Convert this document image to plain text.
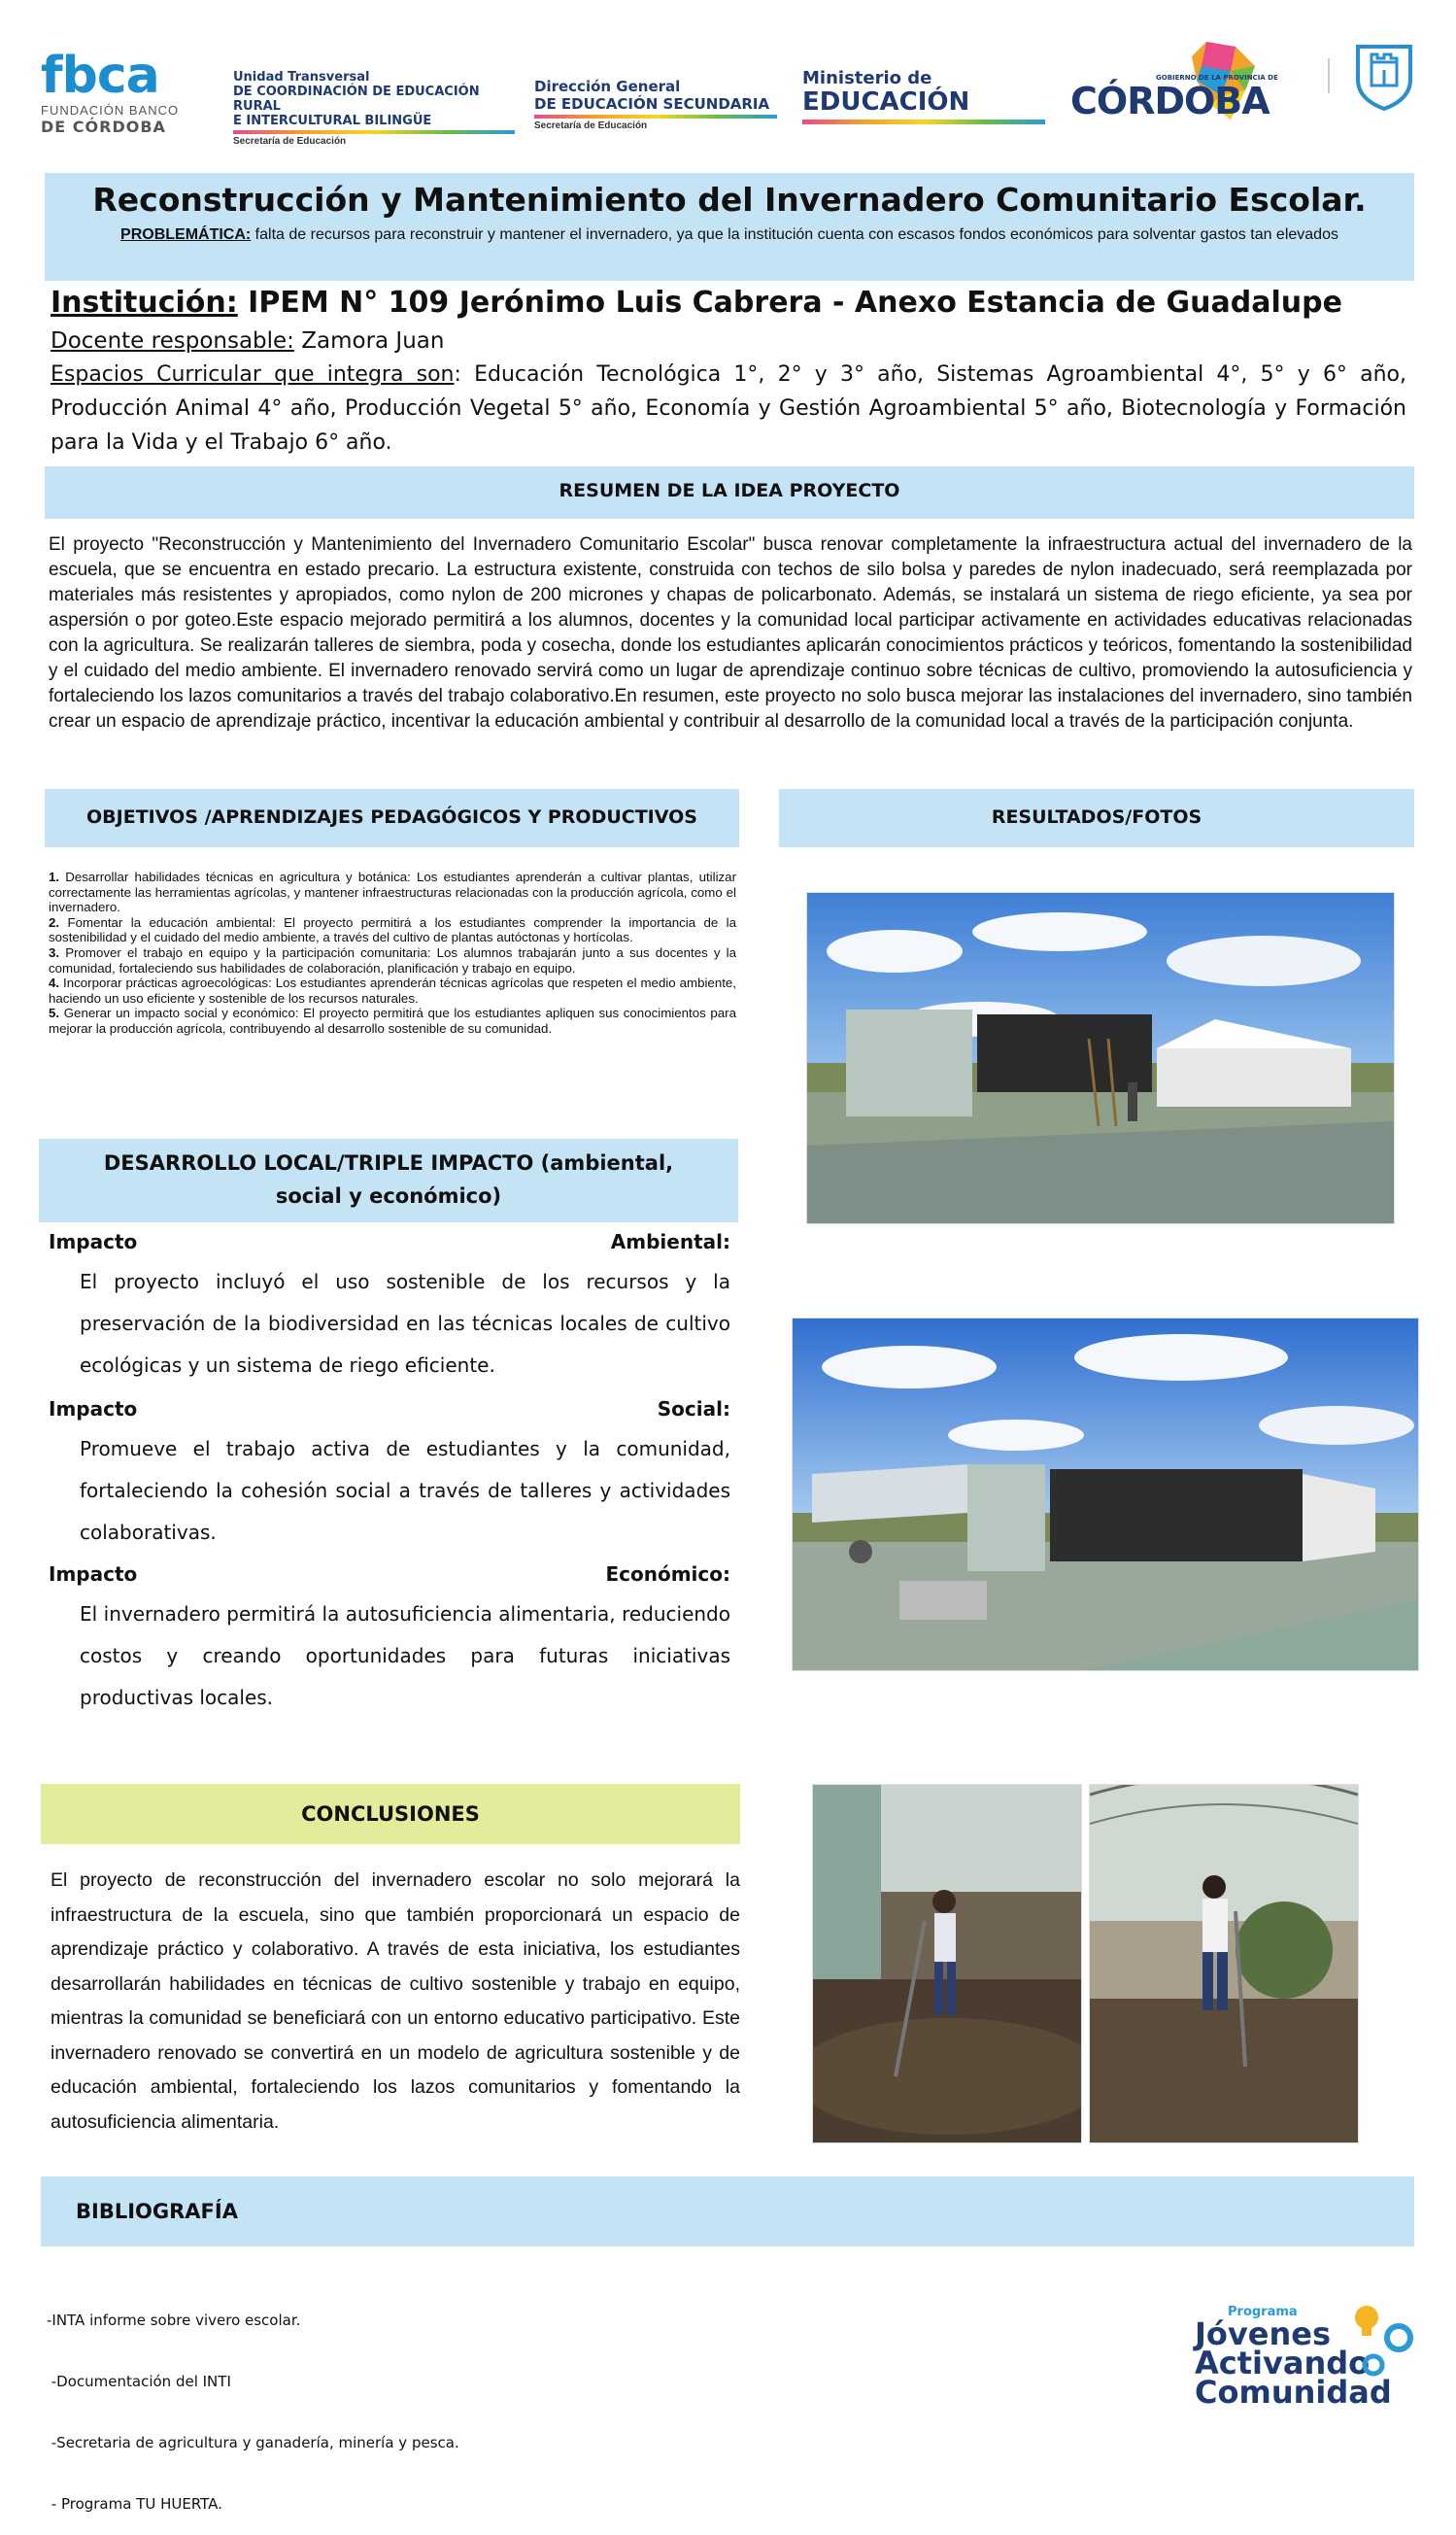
fbca
FUNDACIÓN BANCO
DE CÓRDOBA
Unidad Transversal
DE COORDINACIÓN DE EDUCACIÓN RURAL
E INTERCULTURAL BILINGÜE
Secretaría de Educación
Dirección General
DE EDUCACIÓN SECUNDARIA
Secretaría de Educación
Ministerio de
EDUCACIÓN
GOBIERNO DE LA PROVINCIA DE
CÓRDOBA
Reconstrucción y Mantenimiento del Invernadero Comunitario Escolar.
PROBLEMÁTICA: falta de recursos para reconstruir y mantener el invernadero, ya que la institución cuenta con escasos fondos económicos para solventar gastos tan elevados
Institución: IPEM N° 109 Jerónimo Luis Cabrera - Anexo Estancia de Guadalupe
Docente responsable: Zamora Juan
Espacios Curricular que integra son: Educación Tecnológica 1°, 2° y 3° año, Sistemas Agroambiental 4°, 5° y 6° año, Producción Animal 4° año, Producción Vegetal 5° año, Economía y Gestión Agroambiental 5° año, Biotecnología y Formación para la Vida y el Trabajo 6° año.
RESUMEN DE LA IDEA PROYECTO
El proyecto "Reconstrucción y Mantenimiento del Invernadero Comunitario Escolar" busca renovar completamente la infraestructura actual del invernadero de la escuela, que se encuentra en estado precario. La estructura existente, construida con techos de silo bolsa y paredes de nylon inadecuado, será reemplazada por materiales más resistentes y apropiados, como nylon de 200 micrones y chapas de policarbonato. Además, se instalará un sistema de riego eficiente, ya sea por aspersión o por goteo.Este espacio mejorado permitirá a los alumnos, docentes y la comunidad local participar activamente en actividades educativas relacionadas con la agricultura. Se realizarán talleres de siembra, poda y cosecha, donde los estudiantes aplicarán conocimientos prácticos y teóricos, fomentando la sostenibilidad y el cuidado del medio ambiente. El invernadero renovado servirá como un lugar de aprendizaje continuo sobre técnicas de cultivo, promoviendo la autosuficiencia y fortaleciendo los lazos comunitarios a través del trabajo colaborativo.En resumen, este proyecto no solo busca mejorar las instalaciones del invernadero, sino también crear un espacio de aprendizaje práctico, incentivar la educación ambiental y contribuir al desarrollo de la comunidad local a través de la participación conjunta.
OBJETIVOS /APRENDIZAJES PEDAGÓGICOS Y PRODUCTIVOS

1. Desarrollar habilidades técnicas en agricultura y botánica: Los estudiantes aprenderán a cultivar plantas, utilizar correctamente las herramientas agrícolas, y mantener infraestructuras relacionadas con la producción agrícola, como el invernadero.

2. Fomentar la educación ambiental: El proyecto permitirá a los estudiantes comprender la importancia de la sostenibilidad y el cuidado del medio ambiente, a través del cultivo de plantas autóctonas y hortícolas.

3. Promover el trabajo en equipo y la participación comunitaria: Los alumnos trabajarán junto a sus docentes y la comunidad, fortaleciendo sus habilidades de colaboración, planificación y trabajo en equipo.

4. Incorporar prácticas agroecológicas: Los estudiantes aprenderán técnicas agrícolas que respeten el medio ambiente, haciendo un uso eficiente y sostenible de los recursos naturales.

5. Generar un impacto social y económico: El proyecto permitirá que los estudiantes apliquen sus conocimientos para mejorar la producción agrícola, contribuyendo al desarrollo sostenible de su comunidad.

RESULTADOS/FOTOS
DESARROLLO LOCAL/TRIPLE IMPACTO (ambiental, social y económico)
Impacto	Ambiental:
El proyecto incluyó el uso sostenible de los recursos y la preservación de la biodiversidad en las técnicas locales de cultivo ecológicas y un sistema de riego eficiente.
Impacto	Social:
Promueve el trabajo activa de estudiantes y la comunidad, fortaleciendo la cohesión social a través de talleres y actividades colaborativas.
Impacto	Económico:
El invernadero permitirá la autosuficiencia alimentaria, reduciendo costos y creando oportunidades para futuras iniciativas productivas locales.
CONCLUSIONES
El proyecto de reconstrucción del invernadero escolar no solo mejorará la infraestructura de la escuela, sino que también proporcionará un espacio de aprendizaje práctico y colaborativo. A través de esta iniciativa, los estudiantes desarrollarán habilidades en técnicas de cultivo sostenible y trabajo en equipo, mientras la comunidad se beneficiará con un entorno educativo participativo. Este invernadero renovado se convertirá en un modelo de agricultura sostenible y de educación ambiental, fortaleciendo los lazos comunitarios y fomentando la autosuficiencia alimentaria.
BIBLIOGRAFÍA

-INTA informe sobre vivero escolar.

-Documentación del INTI

-Secretaria de agricultura y ganadería, minería y pesca.

- Programa TU HUERTA.

Programa
Jóvenes
Activando
Comunidad
